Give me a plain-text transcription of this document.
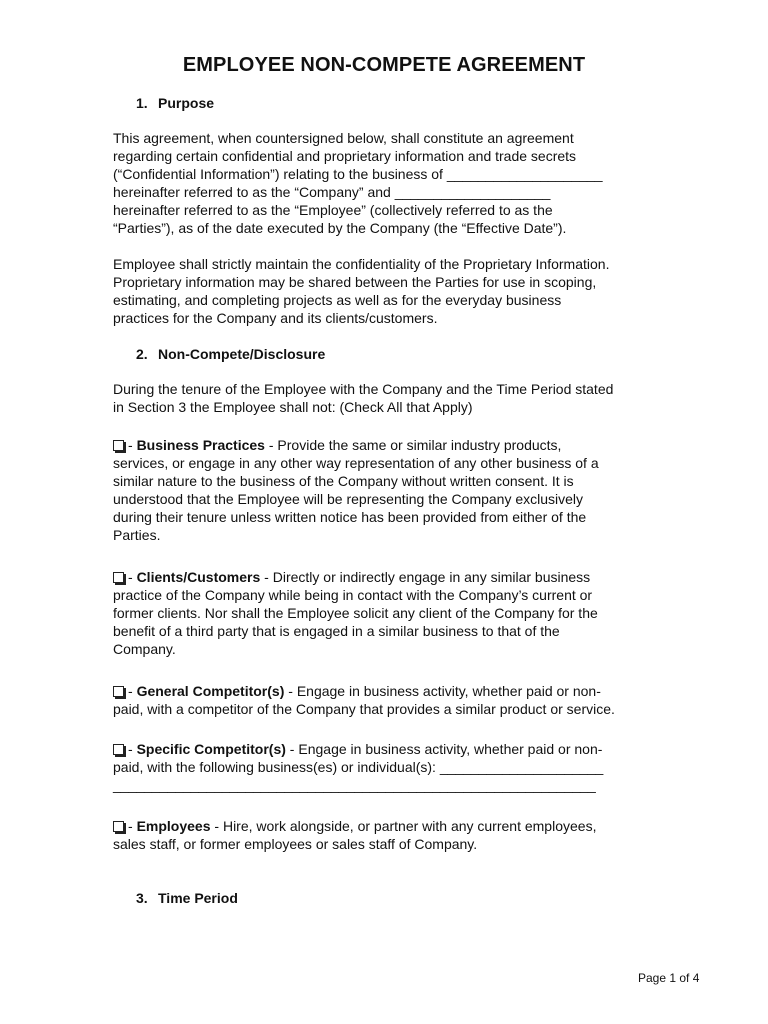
EMPLOYEE NON-COMPETE AGREEMENT
1. Purpose
This agreement, when countersigned below, shall constitute an agreement
regarding certain confidential and proprietary information and trade secrets
(“Confidential Information”) relating to the business of ____________________
hereinafter referred to as the “Company” and ____________________
hereinafter referred to as the “Employee” (collectively referred to as the
“Parties”), as of the date executed by the Company (the “Effective Date”).
Employee shall strictly maintain the confidentiality of the Proprietary Information.
Proprietary information may be shared between the Parties for use in scoping,
estimating, and completing projects as well as for the everyday business
practices for the Company and its clients/customers.
2. Non-Compete/Disclosure
During the tenure of the Employee with the Company and the Time Period stated
in Section 3 the Employee shall not: (Check All that Apply)
- Business Practices - Provide the same or similar industry products,
services, or engage in any other way representation of any other business of a
similar nature to the business of the Company without written consent. It is
understood that the Employee will be representing the Company exclusively
during their tenure unless written notice has been provided from either of the
Parties.
- Clients/Customers - Directly or indirectly engage in any similar business
practice of the Company while being in contact with the Company’s current or
former clients. Nor shall the Employee solicit any client of the Company for the
benefit of a third party that is engaged in a similar business to that of the
Company.
- General Competitor(s) - Engage in business activity, whether paid or non-
paid, with a competitor of the Company that provides a similar product or service.
- Specific Competitor(s) - Engage in business activity, whether paid or non-
paid, with the following business(es) or individual(s): _____________________
______________________________________________________________
- Employees - Hire, work alongside, or partner with any current employees,
sales staff, or former employees or sales staff of Company.
3. Time Period
Page 1 of 4
